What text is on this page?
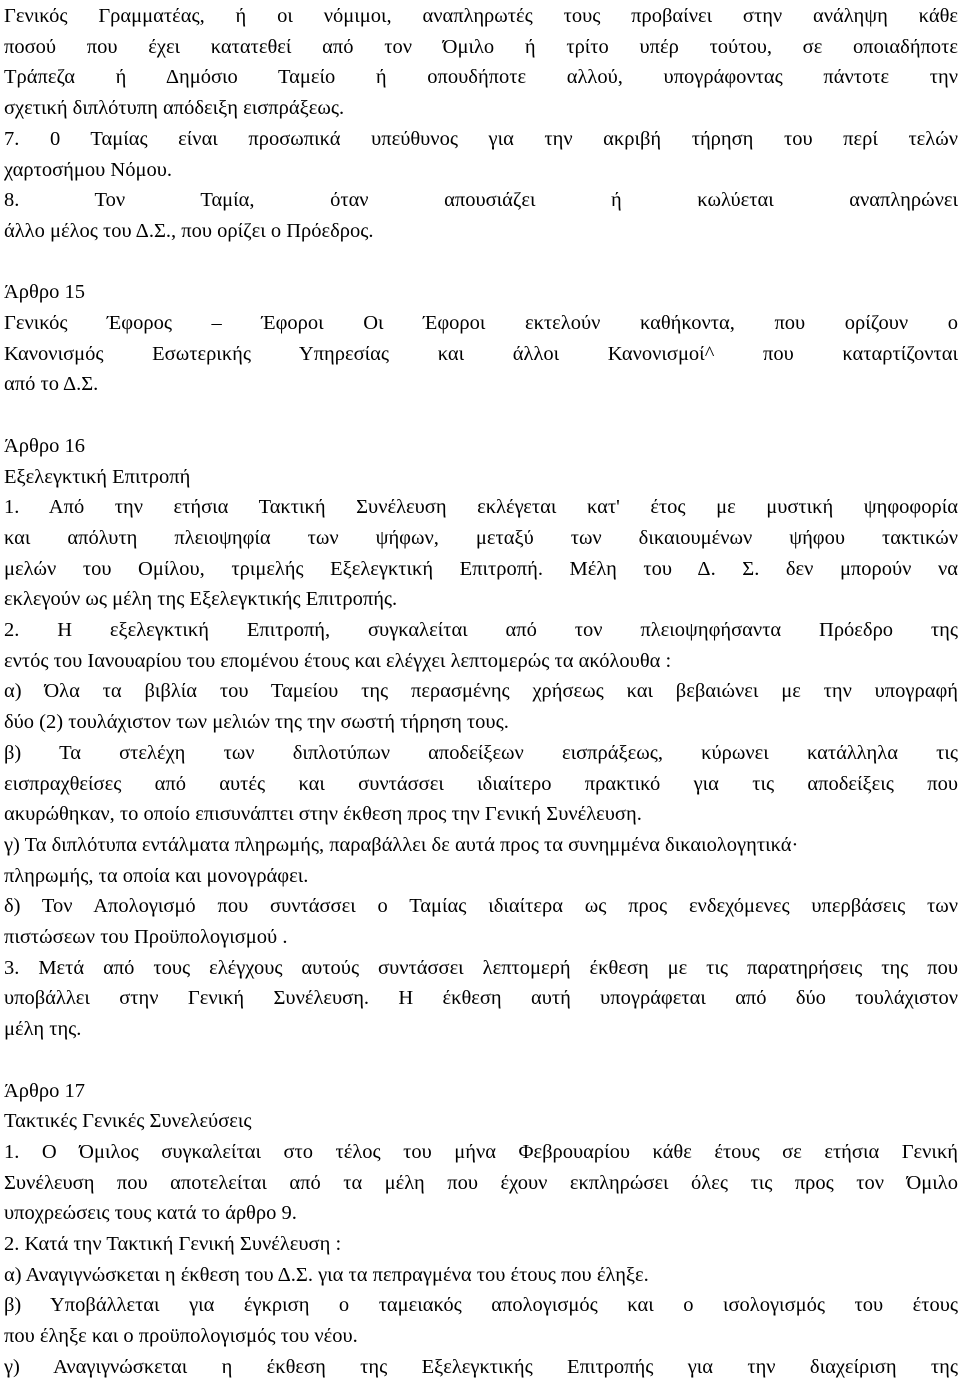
Γενικός Γραμματέας, ή οι νόμιμοι, αναπληρωτές τους προβαίνει στην ανάληψη κάθε
ποσού που έχει κατατεθεί από τον Όμιλο ή τρίτο υπέρ τούτου, σε οποιαδήποτε
Τράπεζα ή Δημόσιο Ταμείο ή οπουδήποτε αλλού, υπογράφοντας πάντοτε την
σχετική διπλότυπη απόδειξη εισπράξεως.
7. 0 Ταμίας είναι προσωπικά υπεύθυνος για την ακριβή τήρηση του περί τελών
χαρτοσήμου Νόμου.
8. Τον Ταμία, όταν απουσιάζει ή κωλύεται αναπληρώνει
άλλο μέλος του Δ.Σ., που ορίζει ο Πρόεδρος.
Άρθρο 15
Γενικός Έφορος – Έφοροι Οι Έφοροι εκτελούν καθήκοντα, που ορίζουν ο
Κανονισμός Εσωτερικής Υπηρεσίας και άλλοι Κανονισμοί^ που καταρτίζονται
από το Δ.Σ.
Άρθρο 16
Εξελεγκτική Επιτροπή
1. Από την ετήσια Τακτική Συνέλευση εκλέγεται κατ' έτος με μυστική ψηφοφορία
και απόλυτη πλειοψηφία των ψήφων, μεταξύ των δικαιουμένων ψήφου τακτικών
μελών του Ομίλου, τριμελής Εξελεγκτική Επιτροπή. Μέλη του Δ. Σ. δεν μπορούν να
εκλεγούν ως μέλη της Εξελεγκτικής Επιτροπής.
2. Η εξελεγκτική Επιτροπή, συγκαλείται από τον πλειοψηφήσαντα Πρόεδρο της
εντός του Ιανουαρίου του επομένου έτους και ελέγχει λεπτομερώς τα ακόλουθα :
α) Όλα τα βιβλία του Ταμείου της περασμένης χρήσεως και βεβαιώνει με την υπογραφή
δύο (2) τουλάχιστον των μελιών της την σωστή τήρηση τους.
β) Τα στελέχη των διπλοτύπων αποδείξεων εισπράξεως, κύρωνει κατάλληλα τις
εισπραχθείσες από αυτές και συντάσσει ιδιαίτερο πρακτικό για τις αποδείξεις που
ακυρώθηκαν, το οποίο επισυνάπτει στην έκθεση προς την Γενική Συνέλευση.
γ) Τα διπλότυπα εντάλματα πληρωμής, παραβάλλει δε αυτά προς τα συνημμένα δικαιολογητικά·
πληρωμής, τα οποία και μονογράφει.
δ) Τον Απολογισμό που συντάσσει ο Ταμίας ιδιαίτερα ως προς ενδεχόμενες υπερβάσεις των
πιστώσεων του Προϋπολογισμού .
3. Μετά από τους ελέγχους αυτούς συντάσσει λεπτομερή έκθεση με τις παρατηρήσεις της που
υποβάλλει στην Γενική Συνέλευση. Η έκθεση αυτή υπογράφεται από δύο τουλάχιστον
μέλη της.
Άρθρο 17
Τακτικές Γενικές Συνελεύσεις
1. Ο Όμιλος συγκαλείται στο τέλος του μήνα Φεβρουαρίου κάθε έτους σε ετήσια Γενική
Συνέλευση που αποτελείται από τα μέλη που έχουν εκπληρώσει όλες τις προς τον Όμιλο
υποχρεώσεις τους κατά το άρθρο 9.
2. Κατά την Τακτική Γενική Συνέλευση :
α) Αναγιγνώσκεται η έκθεση του Δ.Σ. για τα πεπραγμένα του έτους που έληξε.
β) Υποβάλλεται για έγκριση ο ταμειακός απολογισμός και ο ισολογισμός του έτους
που έληξε και ο προϋπολογισμός του νέου.
γ) Αναγιγνώσκεται η έκθεση της Εξελεγκτικής Επιτροπής για την διαχείριση της
